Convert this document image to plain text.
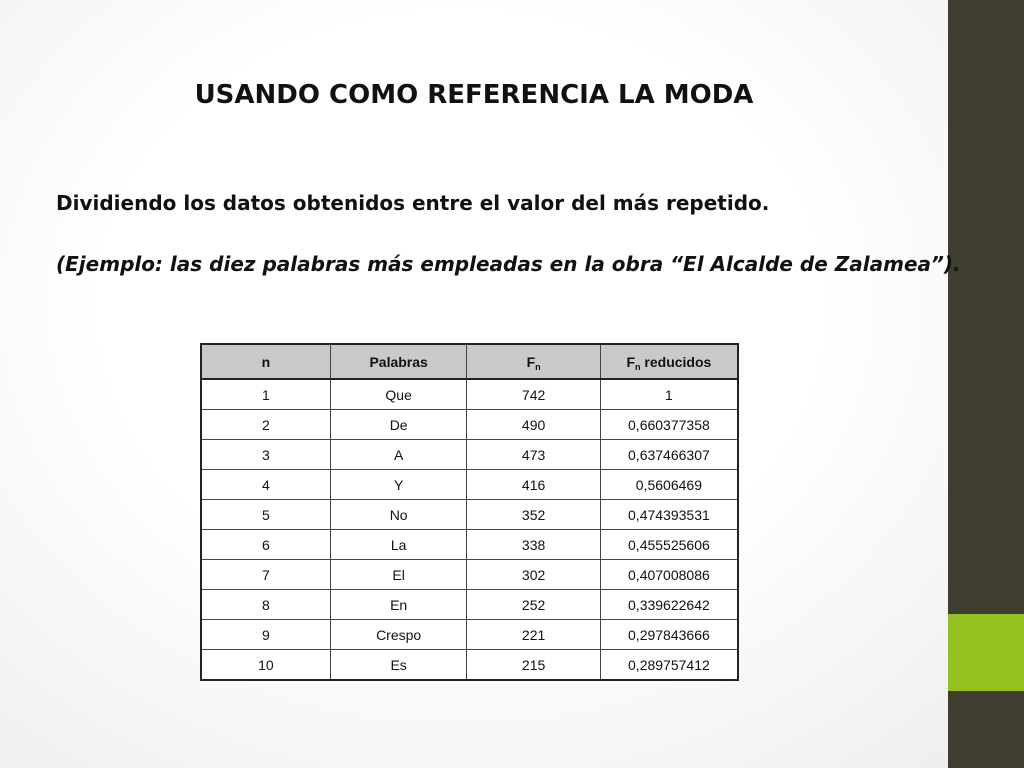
USANDO COMO REFERENCIA LA MODA
Dividiendo los datos obtenidos entre el valor del más repetido.
(Ejemplo: las diez palabras más empleadas en la obra “El Alcalde de Zalamea”).
n	Palabras	$F_n$	$F_n$ reducidos
1	Que	742	1
2	De	490	0,660377358
3	A	473	0,637466307
4	Y	416	0,5606469
5	No	352	0,474393531
6	La	338	0,455525606
7	El	302	0,407008086
8	En	252	0,339622642
9	Crespo	221	0,297843666
10	Es	215	0,289757412
